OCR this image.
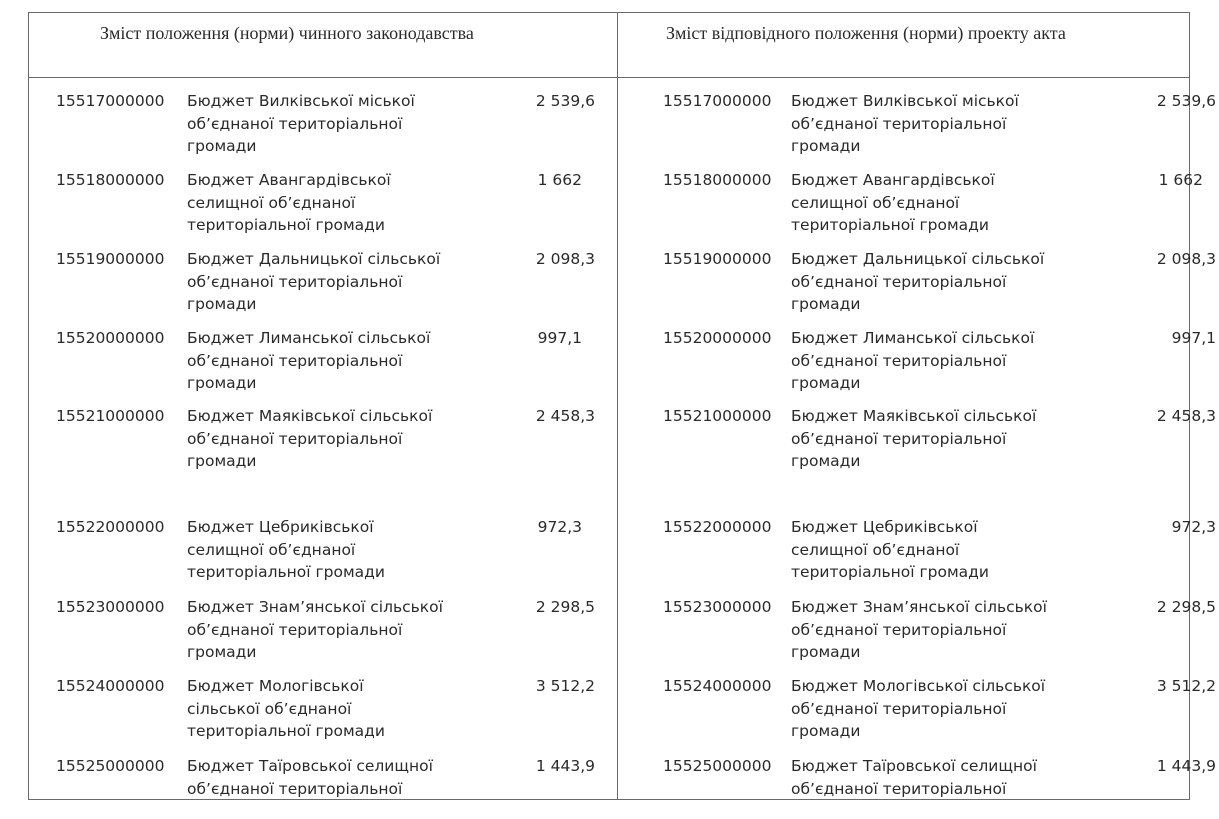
Зміст положення (норми) чинного законодавства	Зміст відповідного положення (норми) проекту акта
15517000000 Бюджет Вилківської міської об’єднаної територіальної громади
2 539,6
15518000000 Бюджет Авангардівської селищної об’єднаної територіальної громади
1 662
15519000000 Бюджет Дальницької сільської об’єднаної територіальної громади
2 098,3
15520000000 Бюджет Лиманської сільської об’єднаної територіальної громади
997,1
15521000000 Бюджет Маяківської сільської об’єднаної територіальної громади
2 458,3
15522000000 Бюджет Цебриківської селищної об’єднаної територіальної громади
972,3
15523000000 Бюджет Знам’янської сільської об’єднаної територіальної громади
2 298,5
15524000000 Бюджет Мологівської сільської об’єднаної територіальної громади
3 512,2
15525000000 Бюджет Таїровської селищної об’єднаної територіальної
1 443,9
15517000000 Бюджет Вилківської міської об’єднаної територіальної громади
2 539,6
15518000000 Бюджет Авангардівської селищної об’єднаної територіальної громади
1 662
15519000000 Бюджет Дальницької сільської об’єднаної територіальної громади
2 098,3
15520000000 Бюджет Лиманської сільської об’єднаної територіальної громади
997,1
15521000000 Бюджет Маяківської сільської об’єднаної територіальної громади
2 458,3
15522000000 Бюджет Цебриківської селищної об’єднаної територіальної громади
972,3
15523000000 Бюджет Знам’янської сільської об’єднаної територіальної громади
2 298,5
15524000000 Бюджет Мологівської сільської об’єднаної територіальної громади
3 512,2
15525000000 Бюджет Таїровської селищної об’єднаної територіальної
1 443,9
